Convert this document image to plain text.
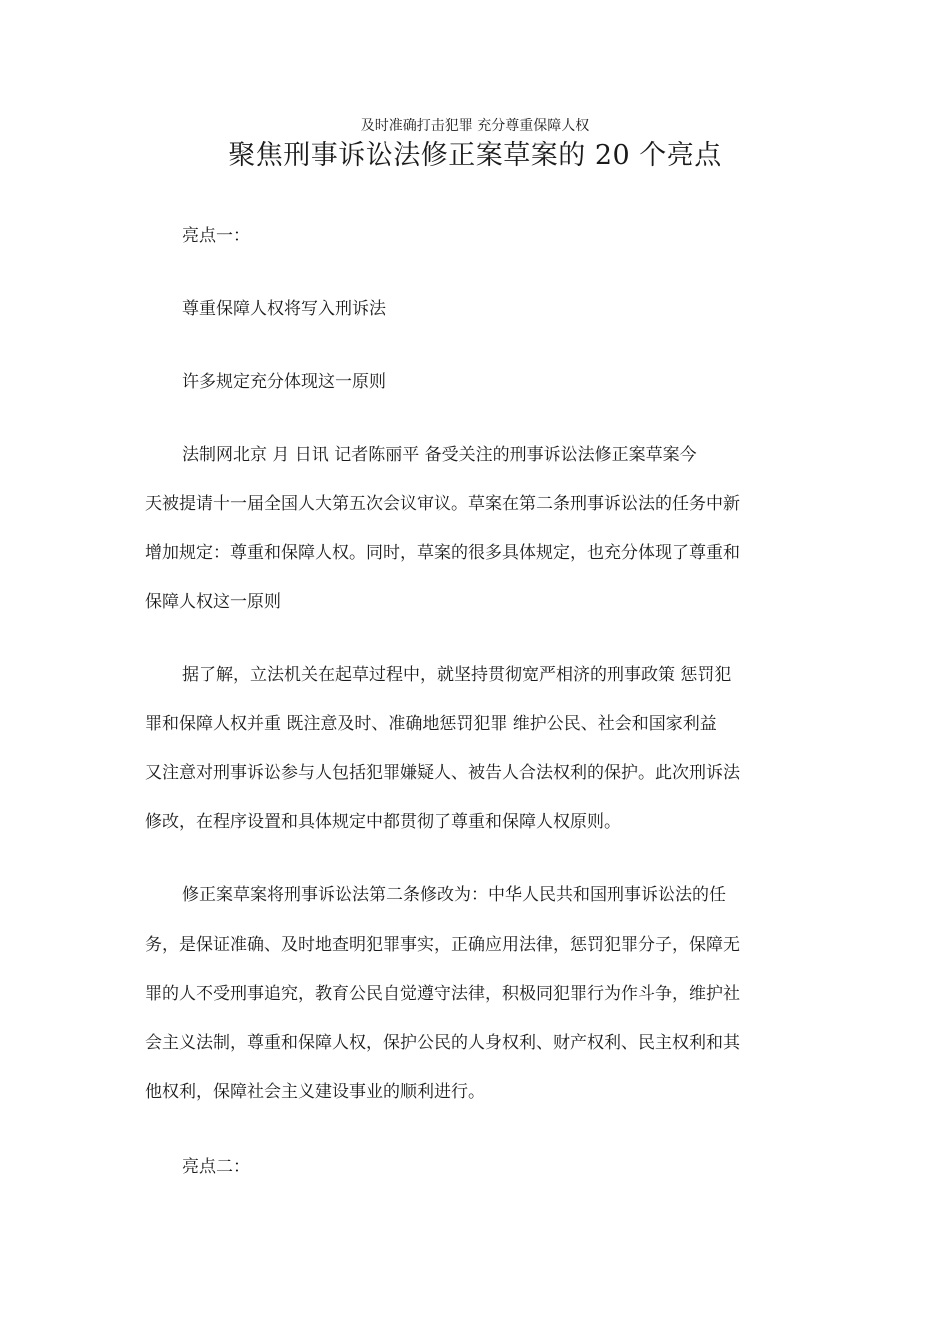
及时准确打击犯罪 充分尊重保障人权
聚焦刑事诉讼法修正案草案的 20 个亮点
亮点一：
尊重保障人权将写入刑诉法
许多规定充分体现这一原则
法制网北京 月 日讯 记者陈丽平 备受关注的刑事诉讼法修正案草案今
天被提请十一届全国人大第五次会议审议。草案在第二条刑事诉讼法的任务中新
增加规定：尊重和保障人权。同时，草案的很多具体规定，也充分体现了尊重和
保障人权这一原则
据了解，立法机关在起草过程中，就坚持贯彻宽严相济的刑事政策 惩罚犯
罪和保障人权并重 既注意及时、准确地惩罚犯罪 维护公民、社会和国家利益
又注意对刑事诉讼参与人包括犯罪嫌疑人、被告人合法权利的保护。此次刑诉法
修改，在程序设置和具体规定中都贯彻了尊重和保障人权原则。
修正案草案将刑事诉讼法第二条修改为：中华人民共和国刑事诉讼法的任
务，是保证准确、及时地查明犯罪事实，正确应用法律，惩罚犯罪分子，保障无
罪的人不受刑事追究，教育公民自觉遵守法律，积极同犯罪行为作斗争，维护社
会主义法制，尊重和保障人权，保护公民的人身权利、财产权利、民主权利和其
他权利，保障社会主义建设事业的顺利进行。
亮点二：
